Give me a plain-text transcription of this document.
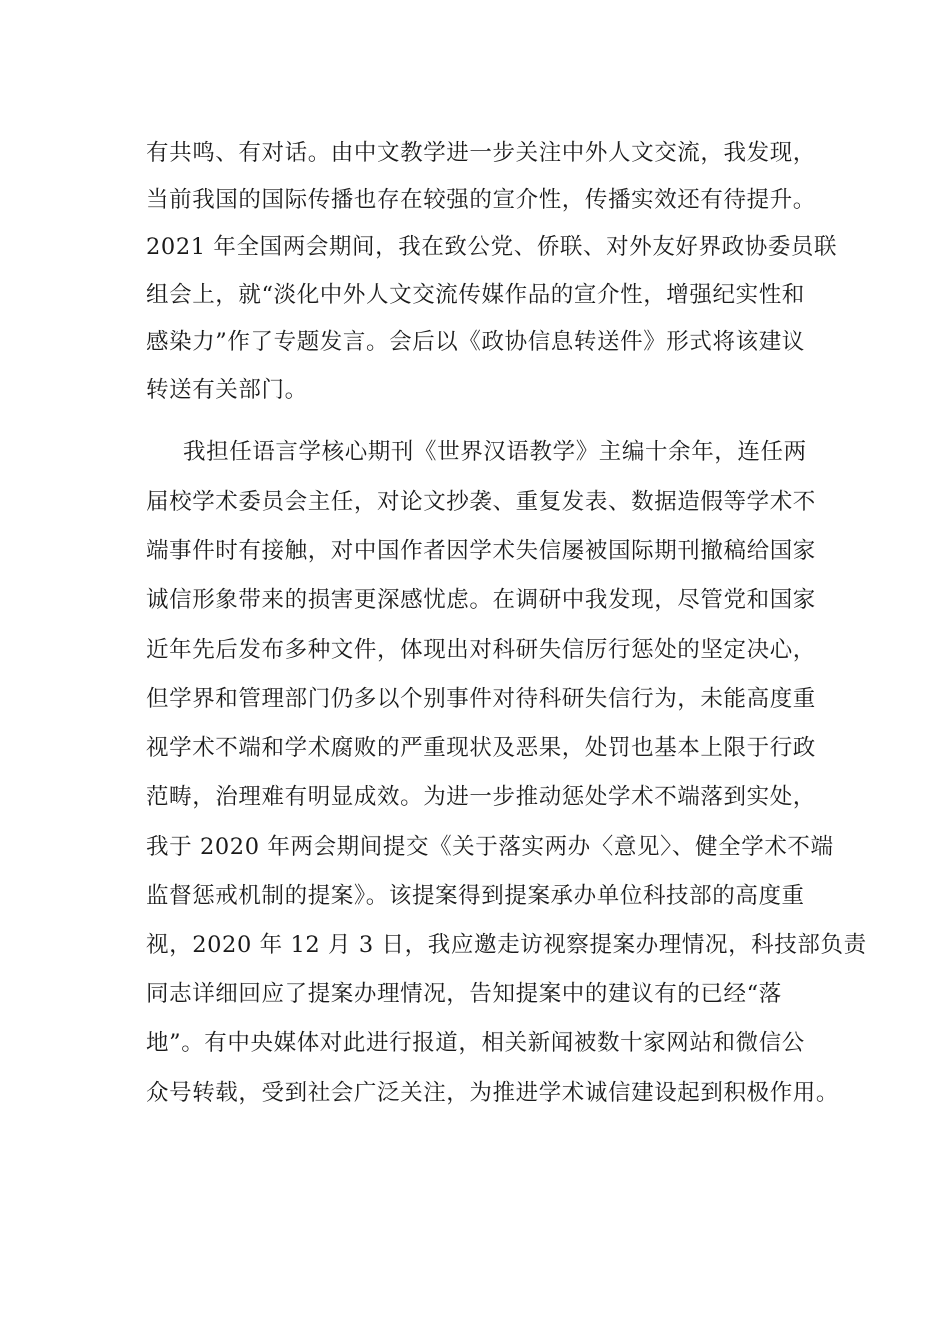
有共鸣、有对话。由中文教学进一步关注中外人文交流，我发现，
当前我国的国际传播也存在较强的宣介性，传播实效还有待提升。
2021 年全国两会期间，我在致公党、侨联、对外友好界政协委员联
组会上，就“淡化中外人文交流传媒作品的宣介性，增强纪实性和
感染力”作了专题发言。会后以《政协信息转送件》形式将该建议
转送有关部门。
我担任语言学核心期刊《世界汉语教学》主编十余年，连任两
届校学术委员会主任，对论文抄袭、重复发表、数据造假等学术不
端事件时有接触，对中国作者因学术失信屡被国际期刊撤稿给国家
诚信形象带来的损害更深感忧虑。在调研中我发现，尽管党和国家
近年先后发布多种文件，体现出对科研失信厉行惩处的坚定决心，
但学界和管理部门仍多以个别事件对待科研失信行为，未能高度重
视学术不端和学术腐败的严重现状及恶果，处罚也基本上限于行政
范畴，治理难有明显成效。为进一步推动惩处学术不端落到实处，
我于 2020 年两会期间提交《关于落实两办〈意见〉、健全学术不端
监督惩戒机制的提案》。该提案得到提案承办单位科技部的高度重
视，2020 年 12 月 3 日，我应邀走访视察提案办理情况，科技部负责
同志详细回应了提案办理情况，告知提案中的建议有的已经“落
地”。有中央媒体对此进行报道，相关新闻被数十家网站和微信公
众号转载，受到社会广泛关注，为推进学术诚信建设起到积极作用。
